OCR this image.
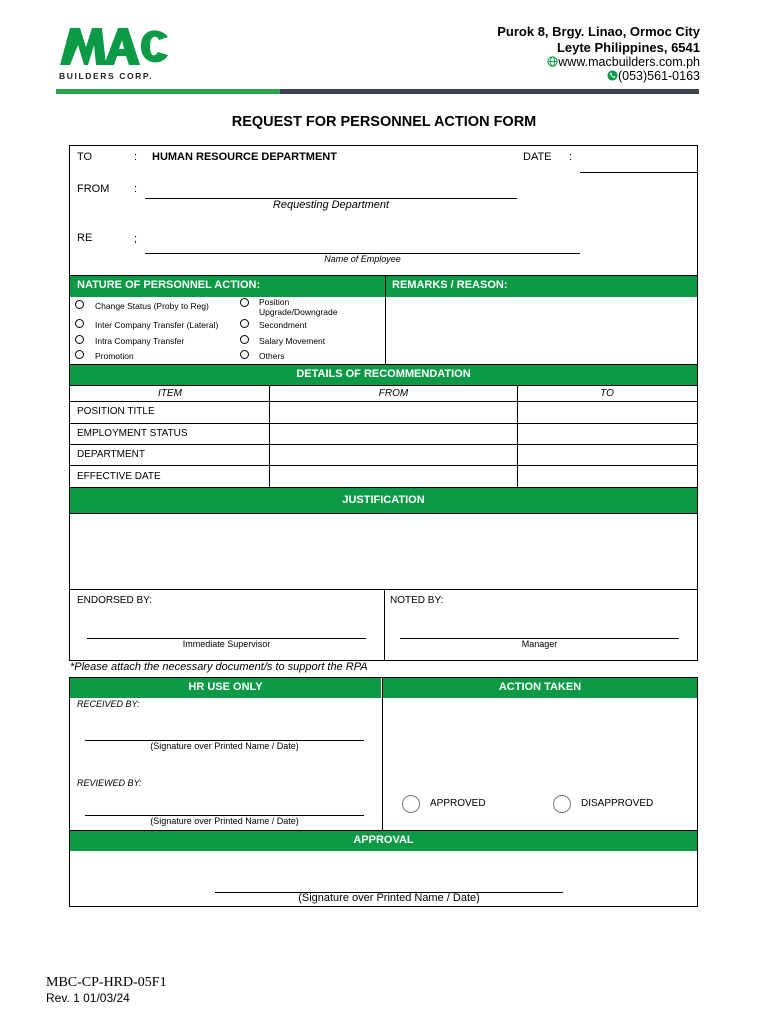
BUILDERS CORP.
Purok 8, Brgy. Linao, Ormoc City
Leyte Philippines, 6541
www.macbuilders.com.ph
(053)561-0163
REQUEST FOR PERSONNEL ACTION FORM
TO	: HUMAN RESOURCE DEPARTMENT	DATE :
FROM :
Requesting Department
RE	;
Name of Employee
NATURE OF PERSONNEL ACTION:	REMARKS / REASON:
Change Status (Proby to Reg)
Inter Company Transfer (Lateral)
Intra Company Transfer
Promotion
Position Upgrade/Downgrade
Secondment
Salary Movement
Others
DETAILS OF RECOMMENDATION
ITEM	FROM	TO
POSITION TITLE
EMPLOYMENT STATUS
DEPARTMENT
EFFECTIVE DATE
JUSTIFICATION
ENDORSED BY:
Immediate Supervisor
NOTED BY:
Manager
*Please attach the necessary document/s to support the RPA
HR USE ONLY	ACTION TAKEN
RECEIVED BY:
(Signature over Printed Name / Date)
REVIEWED BY:
(Signature over Printed Name / Date)
APPROVED	DISAPPROVED
APPROVAL
(Signature over Printed Name / Date)
MBC-CP-HRD-05F1
Rev. 1 01/03/24
